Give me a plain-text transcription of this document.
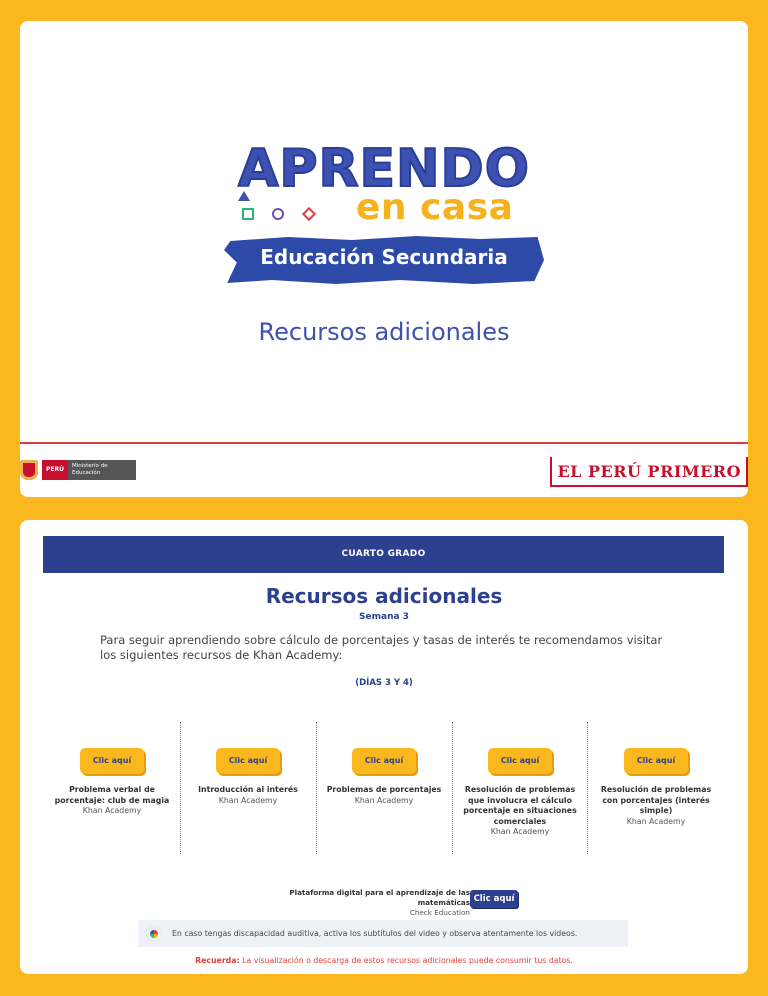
APRENDO
en casa
Educación Secundaria
Recursos adicionales
PERÚ	Ministerio de Educación	EL PERÚ PRIMERO
CUARTO GRADO
Recursos adicionales
Semana 3
Para seguir aprendiendo sobre cálculo de porcentajes y tasas de interés te recomendamos visitar los siguientes recursos de Khan Academy:
(DÍAS 3 Y 4)
Clic aquí
Problema verbal de porcentaje: club de magia
Khan Academy
Clic aquí
Introducción al interés
Khan Academy
Clic aquí
Problemas de porcentajes
Khan Academy
Clic aquí
Resolución de problemas que involucra el cálculo porcentaje en situaciones comerciales
Khan Academy
Clic aquí
Resolución de problemas con porcentajes (interés simple)
Khan Academy
Plataforma digital para el aprendizaje de las matemáticas
Check Education
Clic aquí
En caso tengas discapacidad auditiva, activa los subtítulos del video y observa atentamente los videos.
Recuerda: La visualización o descarga de estos recursos adicionales puede consumir tus datos.
